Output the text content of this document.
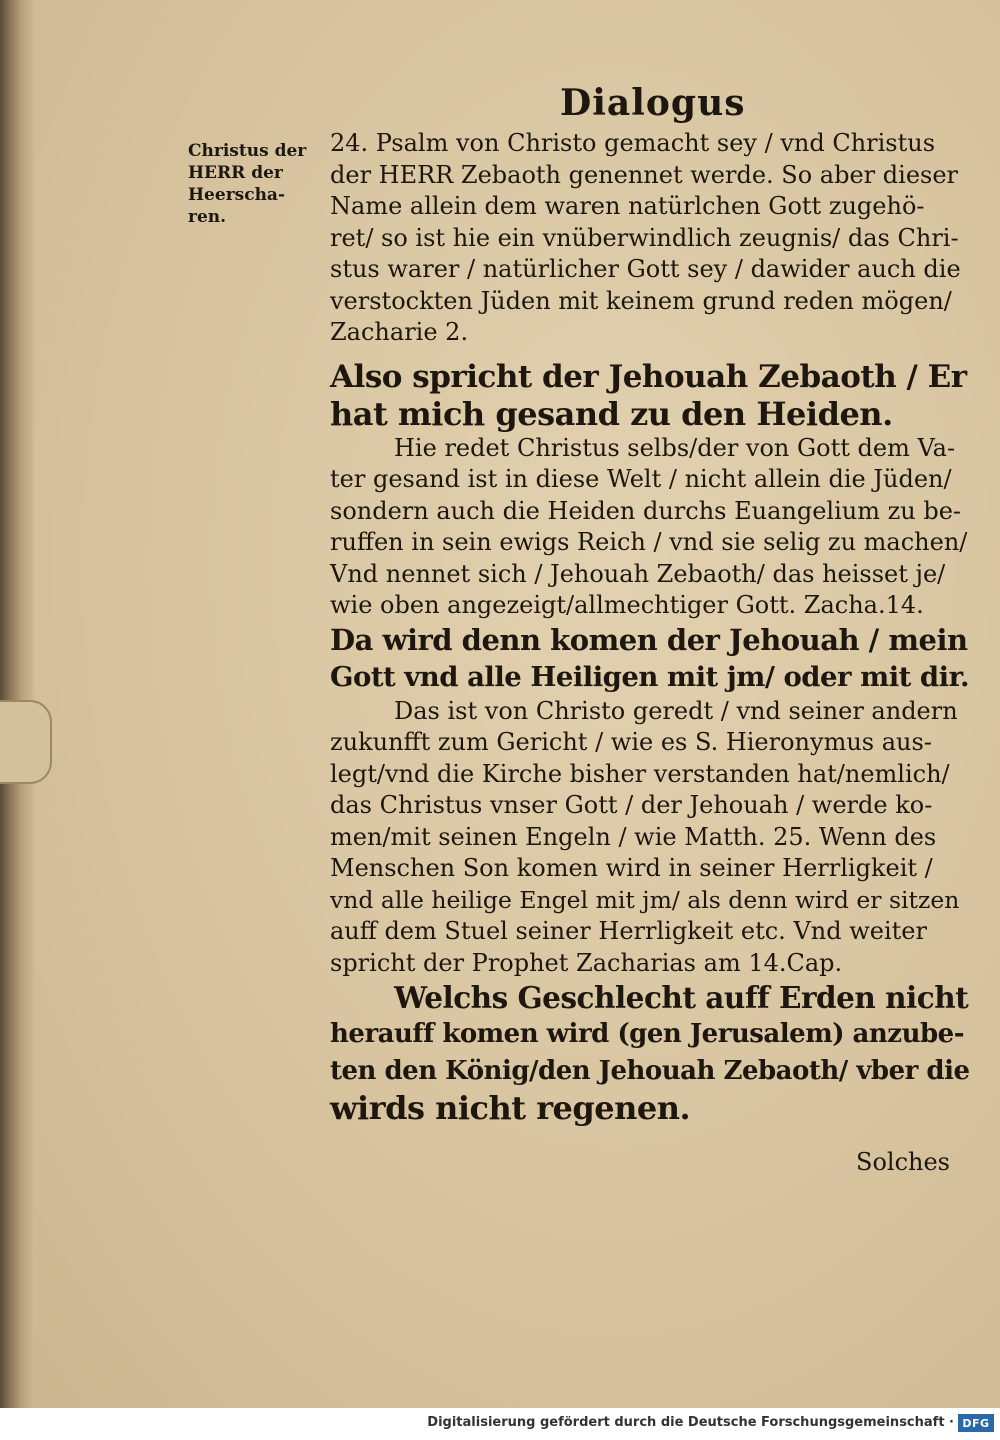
Dialogus
Christus der
HERR der
Heerscha-
ren.
24. Psalm von Christo gemacht sey / vnd Christus
der HERR Zebaoth genennet werde. So aber dieser
Name allein dem waren natürlchen Gott zugehö-
ret/ so ist hie ein vnüberwindlich zeugnis/ das Chri-
stus warer / natürlicher Gott sey / dawider auch die
verstockten Jüden mit keinem grund reden mögen/
Zacharie 2.
Also spricht der Jehouah Zebaoth / Er
hat mich gesand zu den Heiden.
Hie redet Christus selbs/der von Gott dem Va-
ter gesand ist in diese Welt / nicht allein die Jüden/
sondern auch die Heiden durchs Euangelium zu be-
ruffen in sein ewigs Reich / vnd sie selig zu machen/
Vnd nennet sich / Jehouah Zebaoth/ das heisset je/
wie oben angezeigt/allmechtiger Gott. Zacha.14.
Da wird denn komen der Jehouah / mein
Gott vnd alle Heiligen mit jm/ oder mit dir.
Das ist von Christo geredt / vnd seiner andern
zukunfft zum Gericht / wie es S. Hieronymus aus-
legt/vnd die Kirche bisher verstanden hat/nemlich/
das Christus vnser Gott / der Jehouah / werde ko-
men/mit seinen Engeln / wie Matth. 25. Wenn des
Menschen Son komen wird in seiner Herrligkeit /
vnd alle heilige Engel mit jm/ als denn wird er sitzen
auff dem Stuel seiner Herrligkeit etc. Vnd weiter
spricht der Prophet Zacharias am 14.Cap.
Welchs Geschlecht auff Erden nicht
herauff komen wird (gen Jerusalem) anzube-
ten den König/den Jehouah Zebaoth/ vber die
wirds nicht regenen.

Solches

Digitalisierung gefördert durch die Deutsche Forschungsgemeinschaft · DFG
